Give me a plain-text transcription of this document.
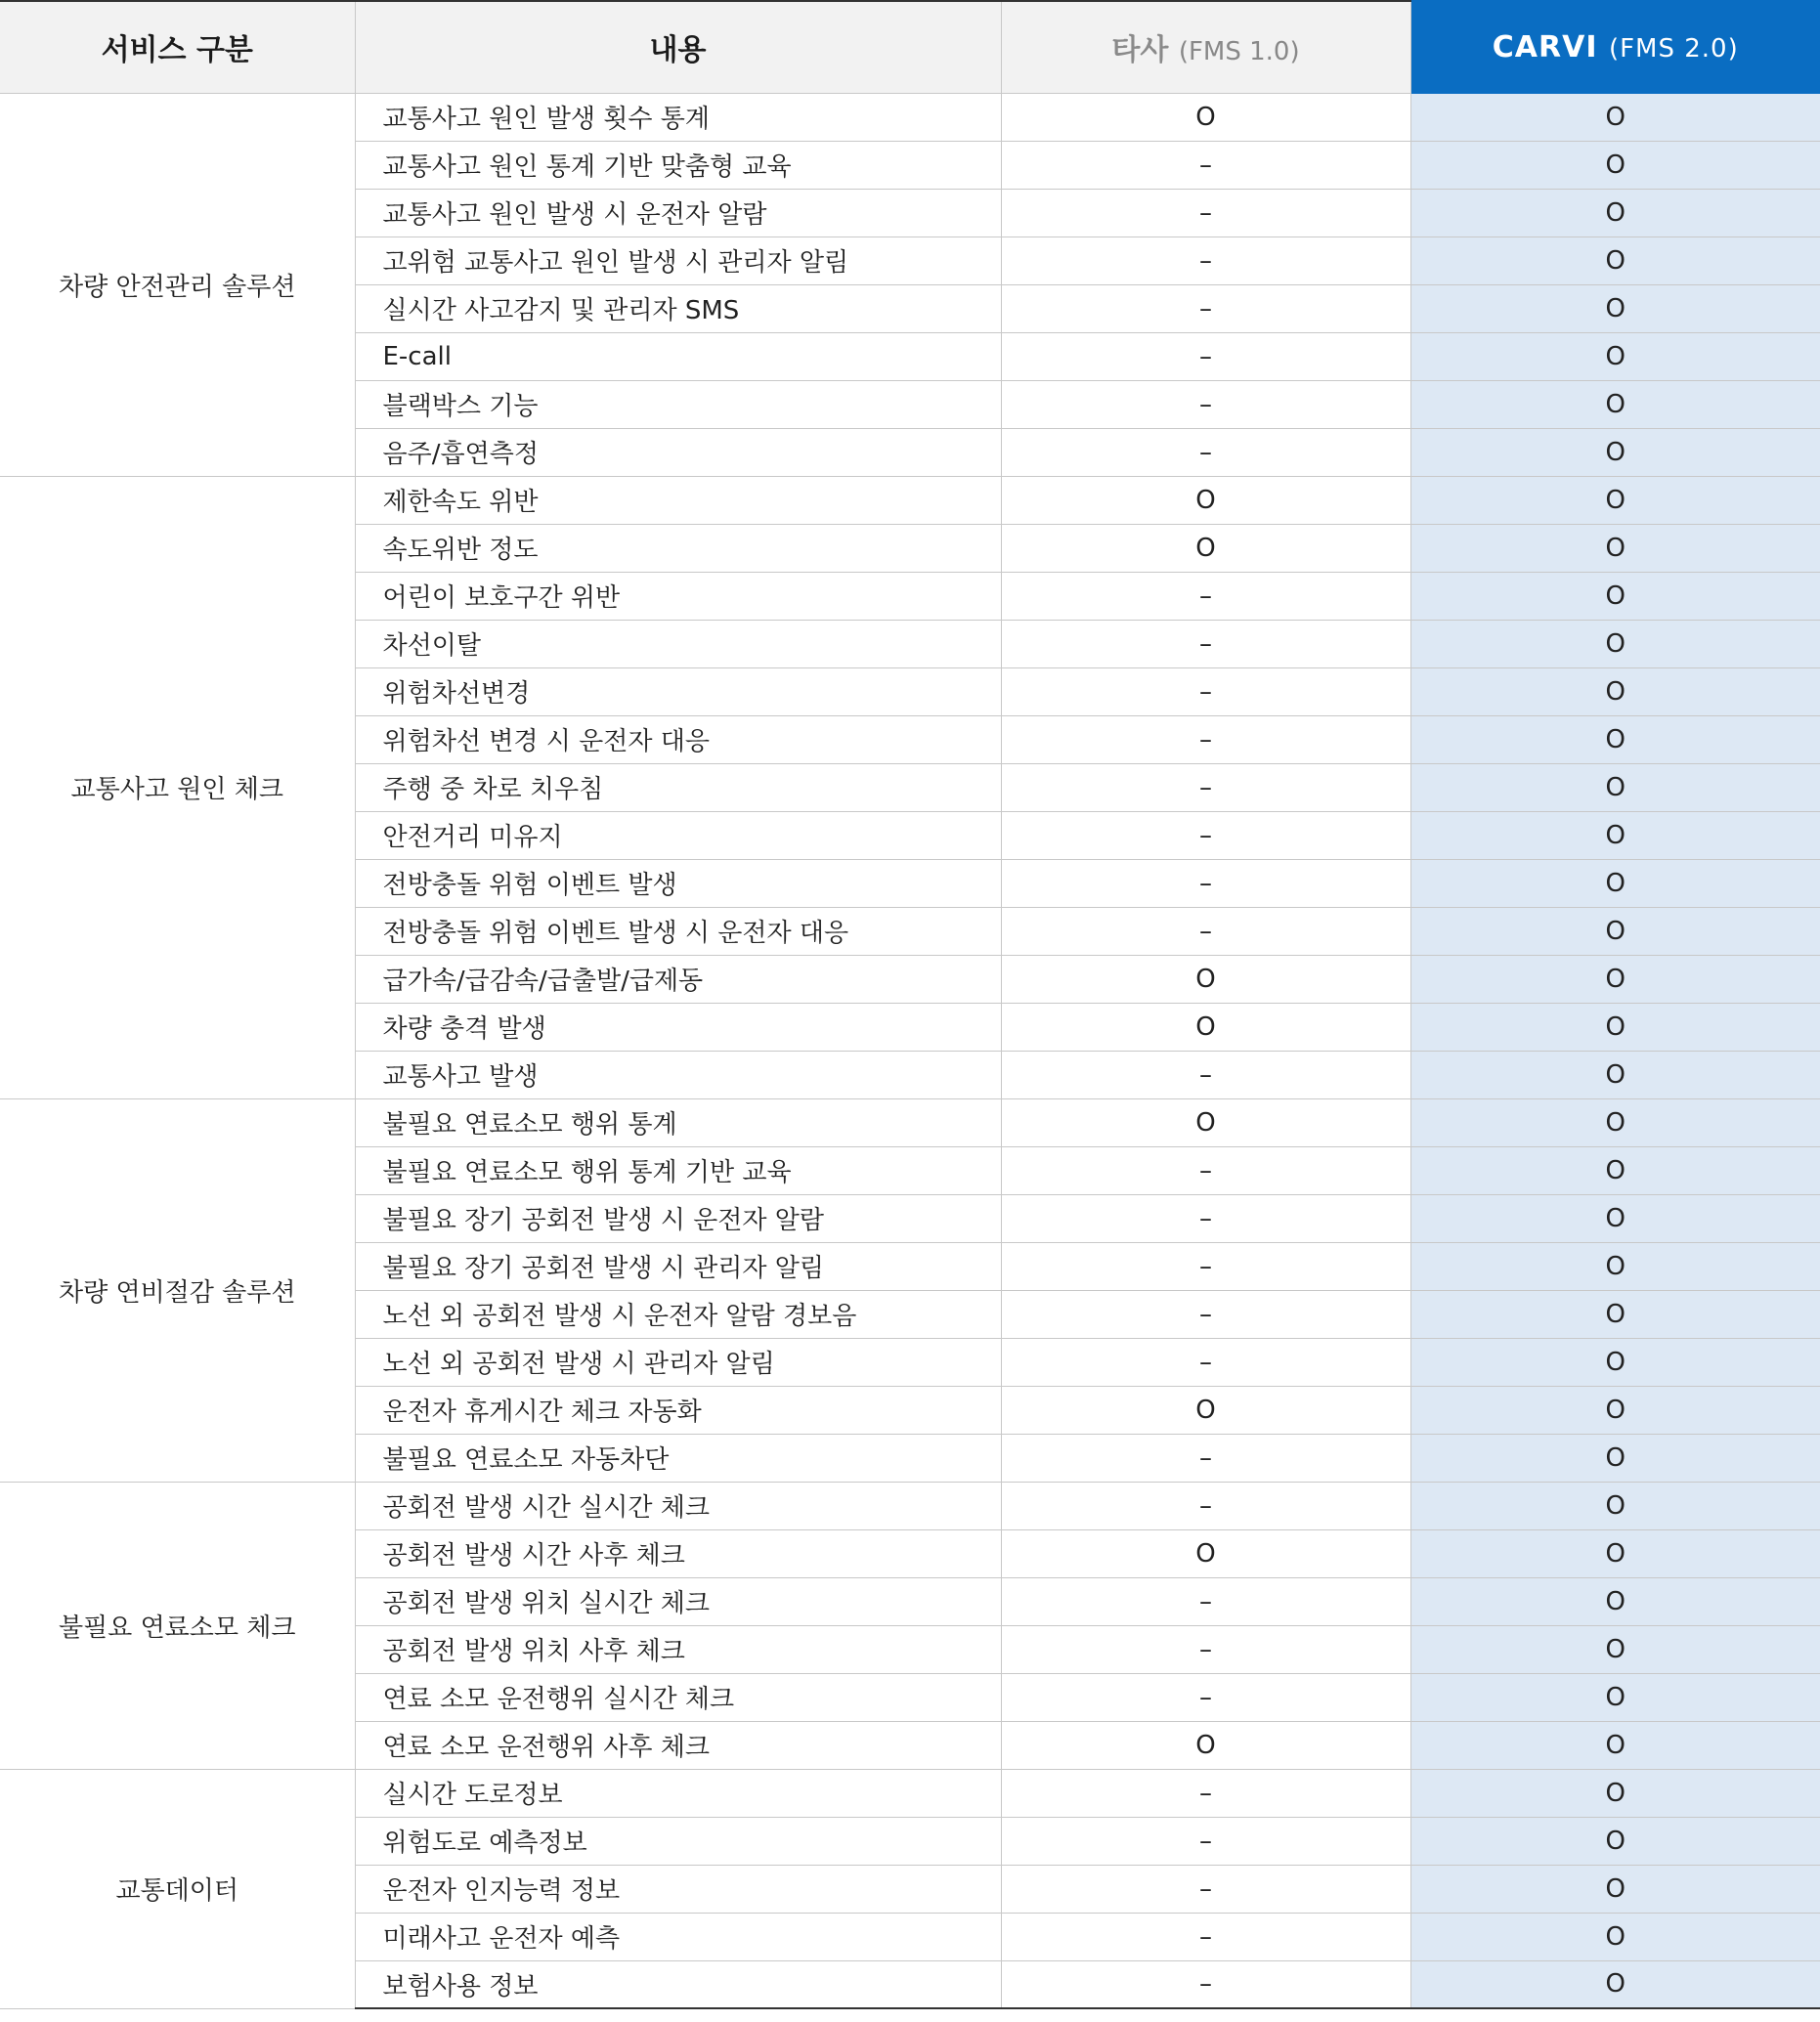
서비스 구분	내용	타사 (FMS 1.0)	CARVI (FMS 2.0)
차량 안전관리 솔루션	교통사고 원인 발생 횟수 통계	O	O
	교통사고 원인 통계 기반 맞춤형 교육	–	O
	교통사고 원인 발생 시 운전자 알람	–	O
	고위험 교통사고 원인 발생 시 관리자 알림	–	O
	실시간 사고감지 및 관리자 SMS	–	O
	E-call	–	O
	블랙박스 기능	–	O
	음주/흡연측정	–	O
교통사고 원인 체크	제한속도 위반	O	O
	속도위반 정도	O	O
	어린이 보호구간 위반	–	O
	차선이탈	–	O
	위험차선변경	–	O
	위험차선 변경 시 운전자 대응	–	O
	주행 중 차로 치우침	–	O
	안전거리 미유지	–	O
	전방충돌 위험 이벤트 발생	–	O
	전방충돌 위험 이벤트 발생 시 운전자 대응	–	O
	급가속/급감속/급출발/급제동	O	O
	차량 충격 발생	O	O
	교통사고 발생	–	O
차량 연비절감 솔루션	불필요 연료소모 행위 통계	O	O
	불필요 연료소모 행위 통계 기반 교육	–	O
	불필요 장기 공회전 발생 시 운전자 알람	–	O
	불필요 장기 공회전 발생 시 관리자 알림	–	O
	노선 외 공회전 발생 시 운전자 알람 경보음	–	O
	노선 외 공회전 발생 시 관리자 알림	–	O
	운전자 휴게시간 체크 자동화	O	O
	불필요 연료소모 자동차단	–	O
불필요 연료소모 체크	공회전 발생 시간 실시간 체크	–	O
	공회전 발생 시간 사후 체크	O	O
	공회전 발생 위치 실시간 체크	–	O
	공회전 발생 위치 사후 체크	–	O
	연료 소모 운전행위 실시간 체크	–	O
	연료 소모 운전행위 사후 체크	O	O
교통데이터	실시간 도로정보	–	O
	위험도로 예측정보	–	O
	운전자 인지능력 정보	–	O
	미래사고 운전자 예측	–	O
	보험사용 정보	–	O
